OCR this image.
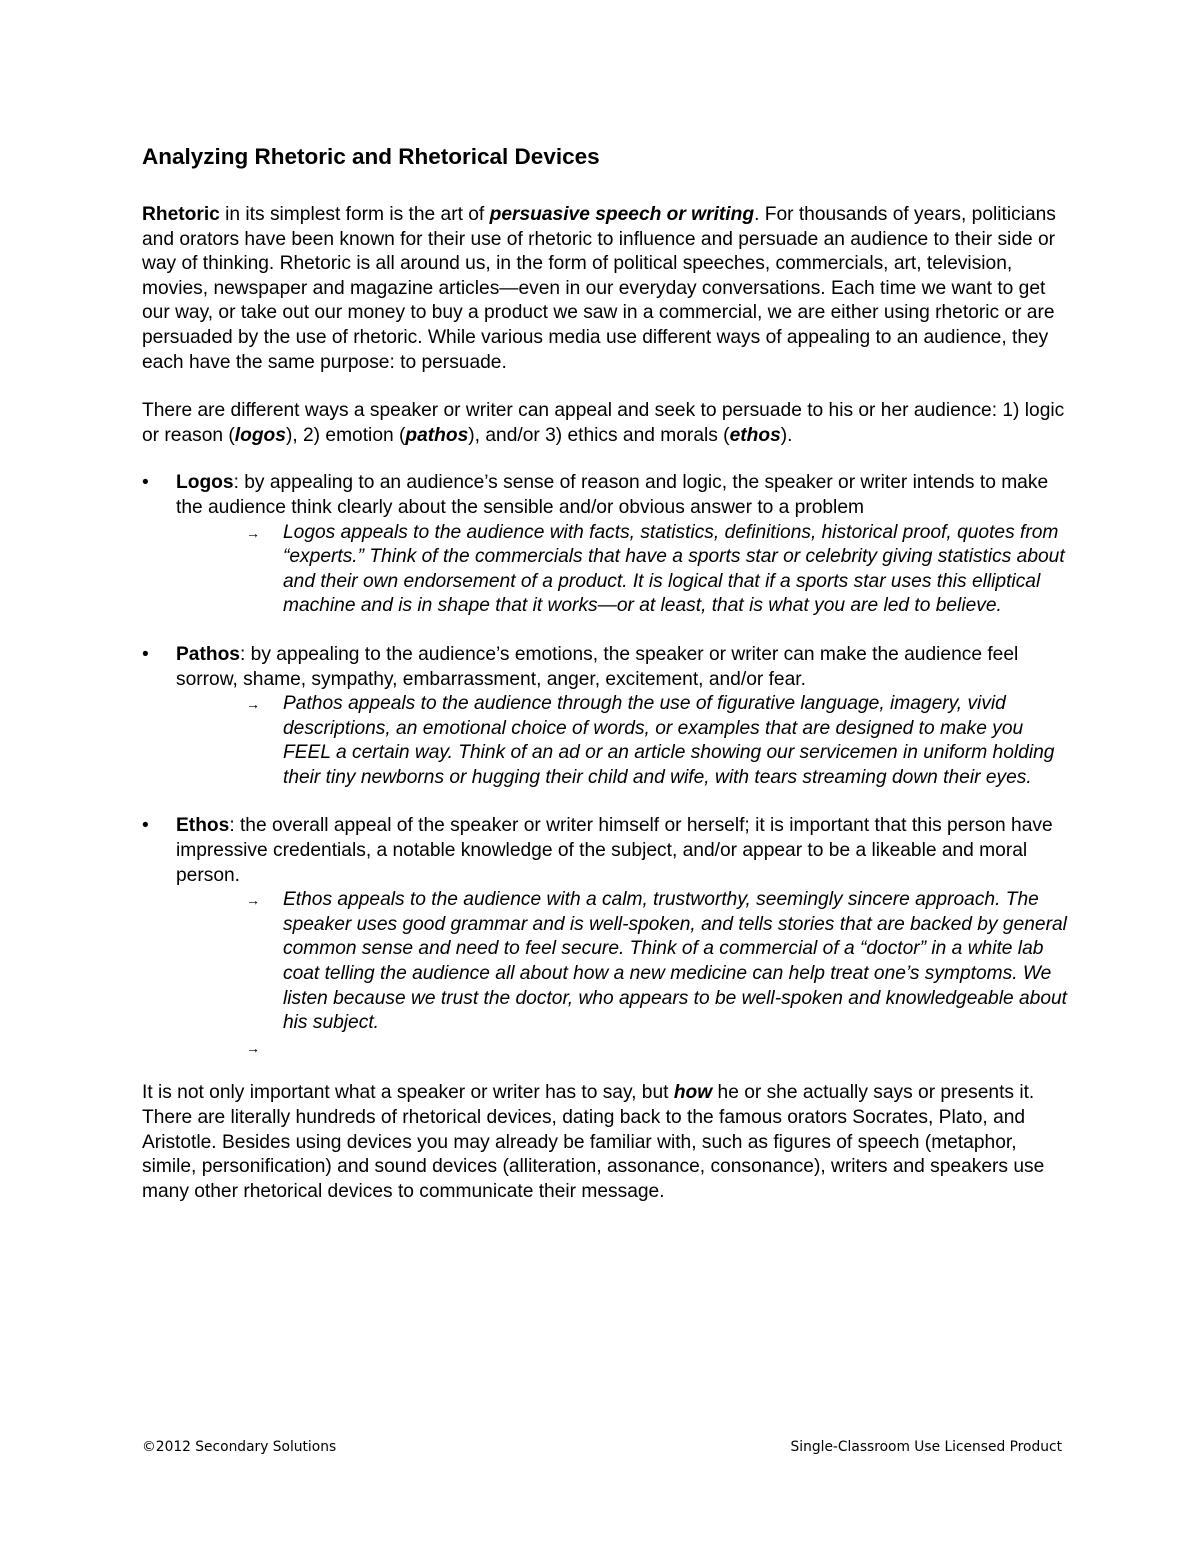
Analyzing Rhetoric and Rhetorical Devices

Rhetoric in its simplest form is the art of persuasive speech or writing. For thousands of years, politicians and orators have been known for their use of rhetoric to influence and persuade an audience to their side or way of thinking. Rhetoric is all around us, in the form of political speeches, commercials, art, television, movies, newspaper and magazine articles—even in our everyday conversations. Each time we want to get our way, or take out our money to buy a product we saw in a commercial, we are either using rhetoric or are persuaded by the use of rhetoric. While various media use different ways of appealing to an audience, they each have the same purpose: to persuade.

There are different ways a speaker or writer can appeal and seek to persuade to his or her audience: 1) logic or reason (logos), 2) emotion (pathos), and/or 3) ethics and morals (ethos).

•	Logos: by appealing to an audience’s sense of reason and logic, the speaker or writer intends to make the audience think clearly about the sensible and/or obvious answer to a problem

→ Logos appeals to the audience with facts, statistics, definitions, historical proof, quotes from “experts.” Think of the commercials that have a sports star or celebrity giving statistics about and their own endorsement of a product. It is logical that if a sports star uses this elliptical machine and is in shape that it works—or at least, that is what you are led to believe.
•	Pathos: by appealing to the audience’s emotions, the speaker or writer can make the audience feel sorrow, shame, sympathy, embarrassment, anger, excitement, and/or fear.

→ Pathos appeals to the audience through the use of figurative language, imagery, vivid descriptions, an emotional choice of words, or examples that are designed to make you FEEL a certain way. Think of an ad or an article showing our servicemen in uniform holding their tiny newborns or hugging their child and wife, with tears streaming down their eyes.
•	Ethos: the overall appeal of the speaker or writer himself or herself; it is important that this person have impressive credentials, a notable knowledge of the subject, and/or appear to be a likeable and moral person.

→ Ethos appeals to the audience with a calm, trustworthy, seemingly sincere approach. The speaker uses good grammar and is well-spoken, and tells stories that are backed by general common sense and need to feel secure. Think of a commercial of a “doctor” in a white lab coat telling the audience all about how a new medicine can help treat one’s symptoms. We listen because we trust the doctor, who appears to be well-spoken and knowledgeable about his subject.
→

It is not only important what a speaker or writer has to say, but how he or she actually says or presents it. There are literally hundreds of rhetorical devices, dating back to the famous orators Socrates, Plato, and Aristotle. Besides using devices you may already be familiar with, such as figures of speech (metaphor, simile, personification) and sound devices (alliteration, assonance, consonance), writers and speakers use many other rhetorical devices to communicate their message.

©2012 Secondary Solutions	Single-Classroom Use Licensed Product
